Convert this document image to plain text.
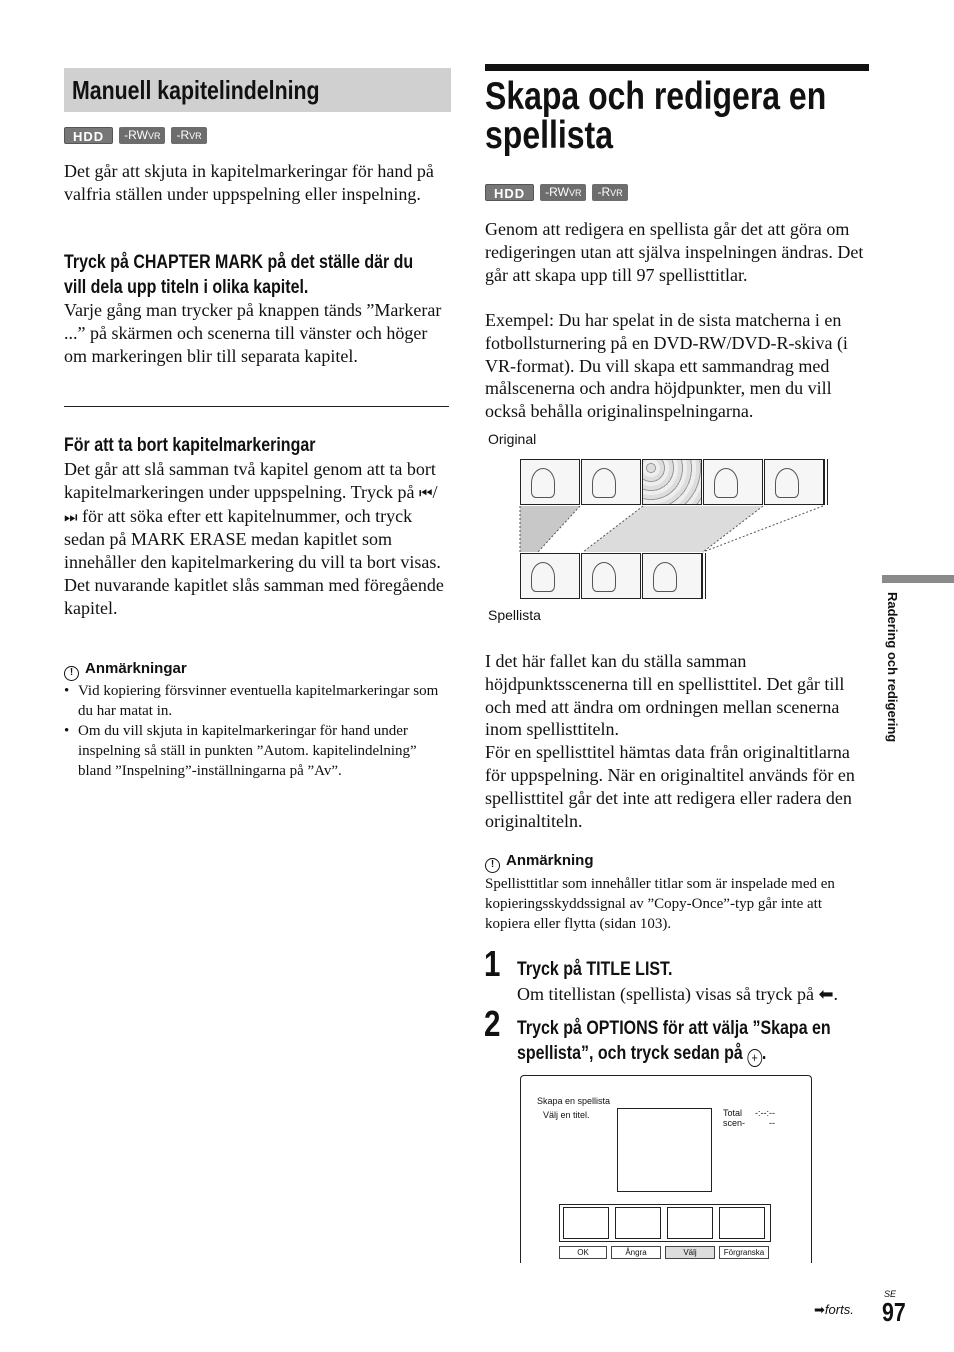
Manuell kapitelindelning
HDD -RWVR -RVR
Det går att skjuta in kapitelmarkeringar för hand på valfria ställen under uppspelning eller inspelning.
Tryck på CHAPTER MARK på det ställe där du
vill dela upp titeln i olika kapitel.
Varje gång man trycker på knappen tänds ”Markerar ...” på skärmen och scenerna till vänster och höger om markeringen blir till separata kapitel.
För att ta bort kapitelmarkeringar
Det går att slå samman två kapitel genom att ta bort kapitelmarkeringen under uppspelning. Tryck på ⏮/⏭ för att söka efter ett kapitelnummer, och tryck sedan på MARK ERASE medan kapitlet som innehåller den kapitelmarkering du vill ta bort visas.
Det nuvarande kapitlet slås samman med föregående kapitel.
! Anmärkningar
• Vid kopiering försvinner eventuella kapitelmarkeringar som du har matat in.
• Om du vill skjuta in kapitelmarkeringar för hand under inspelning så ställ in punkten ”Autom. kapitelindelning” bland ”Inspelning”-inställningarna på ”Av”.
Skapa och redigera en spellista
HDD -RWVR -RVR
Genom att redigera en spellista går det att göra om redigeringen utan att själva inspelningen ändras. Det går att skapa upp till 97 spellisttitlar.
Exempel: Du har spelat in de sista matcherna i en fotbollsturnering på en DVD-RW/DVD-R-skiva (i VR-format). Du vill skapa ett sammandrag med målscenerna och andra höjdpunkter, men du vill också behålla originalinspelningarna.
Original
Spellista
I det här fallet kan du ställa samman höjdpunktsscenerna till en spellisttitel. Det går till och med att ändra om ordningen mellan scenerna inom spellisttiteln.
För en spellisttitel hämtas data från originaltitlarna för uppspelning. När en originaltitel används för en spellisttitel går det inte att redigera eller radera den originaltiteln.
! Anmärkning
Spellisttitlar som innehåller titlar som är inspelade med en kopieringsskyddssignal av ”Copy-Once”-typ går inte att kopiera eller flytta (sidan 103).
1 Tryck på TITLE LIST.
Om titellistan (spellista) visas så tryck på ⬅.
2 Tryck på OPTIONS för att välja ”Skapa en
spellista”, och tryck sedan på + .
Skapa en spellista
Välj en titel.	Total
scen-
-:--:--
--
OK	Ångra	Välj	Förgranska
Radering och redigering
➡forts.
SE
97
